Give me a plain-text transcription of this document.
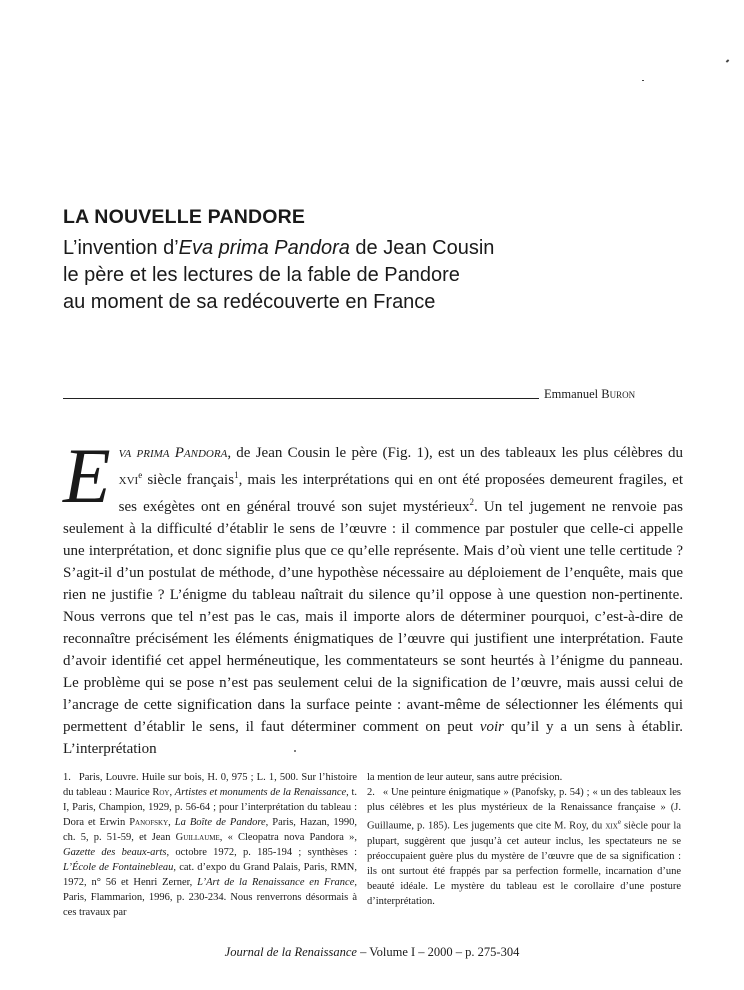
LA NOUVELLE PANDORE

L’invention d’Eva prima Pandora de Jean Cousin

le père et les lectures de la fable de Pandore

au moment de sa redécouverte en France

Emmanuel Buron
Eva prima Pandora, de Jean Cousin le père (Fig. 1), est un des tableaux les plus célèbres du xvi$^e$ siècle français$^1$, mais les interprétations qui en ont été proposées demeurent fragiles, et ses exégètes ont en général trouvé son sujet mystérieux$^2$. Un tel jugement ne renvoie pas seulement à la difficulté d’établir le sens de l’œuvre : il commence par postuler que celle-ci appelle une interprétation, et donc signifie plus que ce qu’elle représente. Mais d’où vient une telle certitude ? S’agit-il d’un postulat de méthode, d’une hypothèse nécessaire au déploiement de l’enquête, mais que rien ne justifie ? L’énigme du tableau naîtrait du silence qu’il oppose à une question non-pertinente. Nous verrons que tel n’est pas le cas, mais il importe alors de déterminer pourquoi, c’est-à-dire de reconnaître précisément les éléments énigmatiques de l’œuvre qui justifient une interprétation. Faute d’avoir identifié cet appel herméneutique, les commentateurs se sont heurtés à l’énigme du panneau. Le problème qui se pose n’est pas seulement celui de la signification de l’œuvre, mais aussi celui de l’ancrage de cette signification dans la surface peinte : avant-même de sélectionner les éléments qui permettent d’établir le sens, il faut déterminer comment on peut voir qu’il y a un sens à établir. L’interprétation
1. Paris, Louvre. Huile sur bois, H. 0, 975 ; L. 1, 500. Sur l’histoire du tableau : Maurice Roy, Artistes et monuments de la Renaissance, t. I, Paris, Champion, 1929, p. 56-64 ; pour l’interprétation du tableau : Dora et Erwin Panofsky, La Boîte de Pandore, Paris, Hazan, 1990, ch. 5, p. 51-59, et Jean Guillaume, « Cleopatra nova Pandora », Gazette des beaux-arts, octobre 1972, p. 185-194 ; synthèses : L’École de Fontainebleau, cat. d’expo du Grand Palais, Paris, RMN, 1972, n° 56 et Henri Zerner, L’Art de la Renaissance en France, Paris, Flammarion, 1996, p. 230-234. Nous renverrons désormais à ces travaux par
la mention de leur auteur, sans autre précision.
2. « Une peinture énigmatique » (Panofsky, p. 54) ; « un des tableaux les plus célèbres et les plus mystérieux de la Renaissance française » (J. Guillaume, p. 185). Les jugements que cite M. Roy, du xix$^e$ siècle pour la plupart, suggèrent que jusqu’à cet auteur inclus, les spectateurs ne se préoccupaient guère plus du mystère de l’œuvre que de sa signification : ils ont surtout été frappés par sa perfection formelle, incarnation d’une beauté idéale. Le mystère du tableau est le corollaire d’une posture d’interprétation.
Journal de la Renaissance – Volume I – 2000 – p. 275-304
